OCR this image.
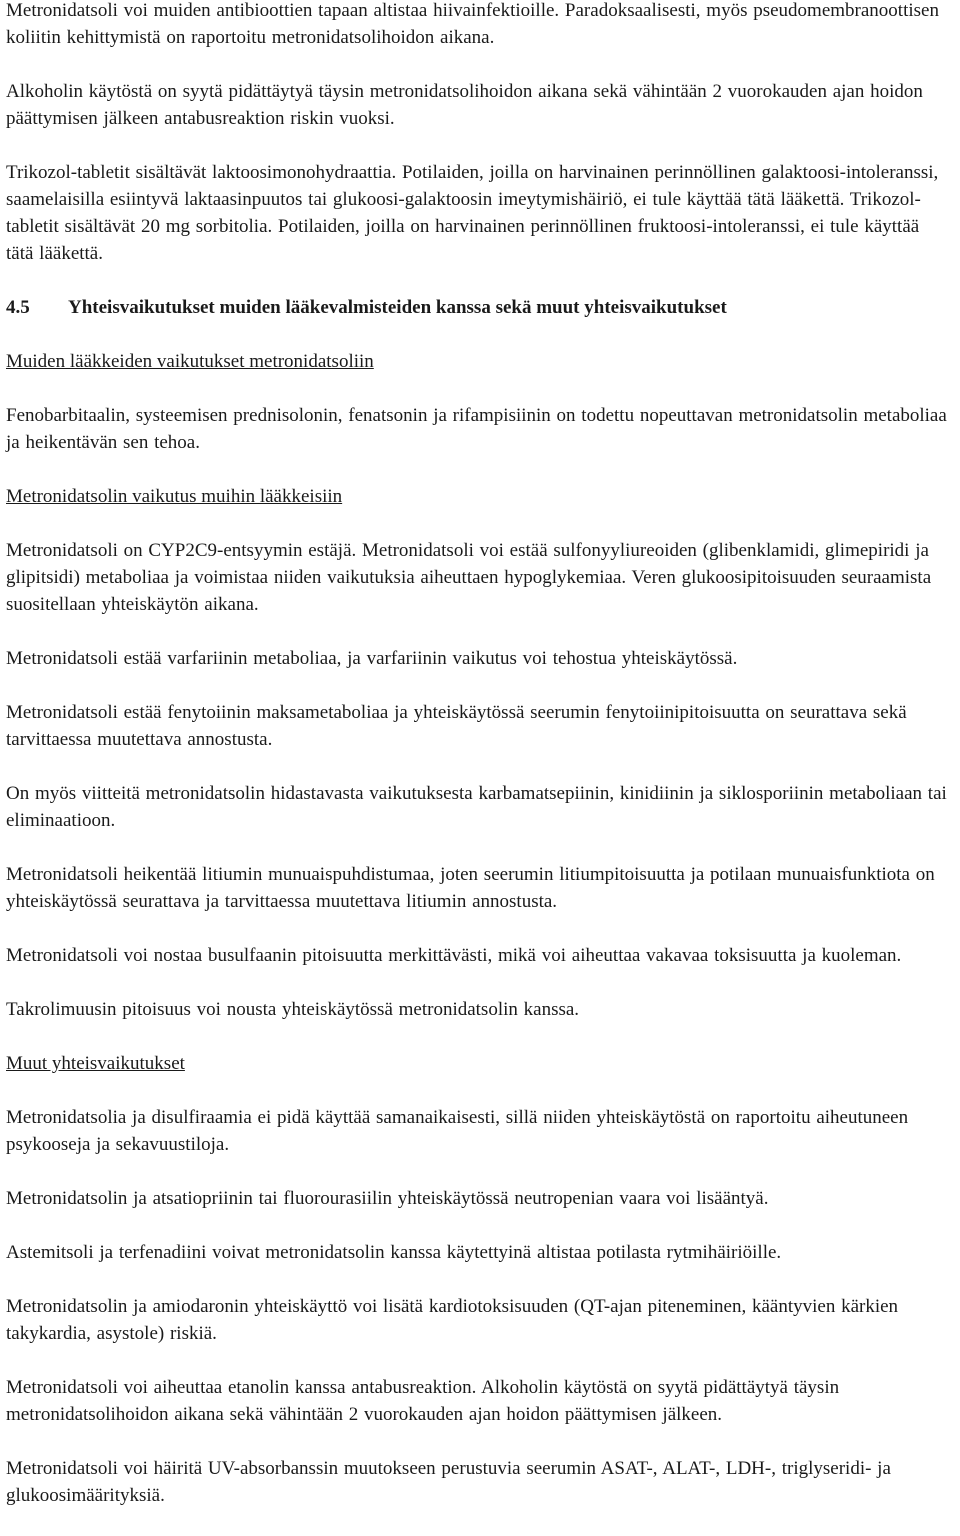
Metronidatsoli voi muiden antibioottien tapaan altistaa hiivainfektioille. Paradoksaalisesti, myös pseudomembranoottisen koliitin kehittymistä on raportoitu metronidatsolihoidon aikana.

Alkoholin käytöstä on syytä pidättäytyä täysin metronidatsolihoidon aikana sekä vähintään 2 vuorokauden ajan hoidon päättymisen jälkeen antabusreaktion riskin vuoksi.

Trikozol-tabletit sisältävät laktoosimonohydraattia. Potilaiden, joilla on harvinainen perinnöllinen galaktoosi-intoleranssi, saamelaisilla esiintyvä laktaasinpuutos tai glukoosi-galaktoosin imeytymishäiriö, ei tule käyttää tätä lääkettä. Trikozol-tabletit sisältävät 20 mg sorbitolia. Potilaiden, joilla on harvinainen perinnöllinen fruktoosi-intoleranssi, ei tule käyttää tätä lääkettä.

4.5 Yhteisvaikutukset muiden lääkevalmisteiden kanssa sekä muut yhteisvaikutukset
Muiden lääkkeiden vaikutukset metronidatsoliin

Fenobarbitaalin, systeemisen prednisolonin, fenatsonin ja rifampisiinin on todettu nopeuttavan metronidatsolin metaboliaa ja heikentävän sen tehoa.

Metronidatsolin vaikutus muihin lääkkeisiin

Metronidatsoli on CYP2C9-entsyymin estäjä. Metronidatsoli voi estää sulfonyyliureoiden (glibenklamidi, glimepiridi ja glipitsidi) metaboliaa ja voimistaa niiden vaikutuksia aiheuttaen hypoglykemiaa. Veren glukoosipitoisuuden seuraamista suositellaan yhteiskäytön aikana.

Metronidatsoli estää varfariinin metaboliaa, ja varfariinin vaikutus voi tehostua yhteiskäytössä.

Metronidatsoli estää fenytoiinin maksametaboliaa ja yhteiskäytössä seerumin fenytoiinipitoisuutta on seurattava sekä tarvittaessa muutettava annostusta.

On myös viitteitä metronidatsolin hidastavasta vaikutuksesta karbamatsepiinin, kinidiinin ja siklosporiinin metaboliaan tai eliminaatioon.

Metronidatsoli heikentää litiumin munuaispuhdistumaa, joten seerumin litiumpitoisuutta ja potilaan munuaisfunktiota on yhteiskäytössä seurattava ja tarvittaessa muutettava litiumin annostusta.

Metronidatsoli voi nostaa busulfaanin pitoisuutta merkittävästi, mikä voi aiheuttaa vakavaa toksisuutta ja kuoleman.

Takrolimuusin pitoisuus voi nousta yhteiskäytössä metronidatsolin kanssa.

Muut yhteisvaikutukset

Metronidatsolia ja disulfiraamia ei pidä käyttää samanaikaisesti, sillä niiden yhteiskäytöstä on raportoitu aiheutuneen psykooseja ja sekavuustiloja.

Metronidatsolin ja atsatiopriinin tai fluorourasiilin yhteiskäytössä neutropenian vaara voi lisääntyä.

Astemitsoli ja terfenadiini voivat metronidatsolin kanssa käytettyinä altistaa potilasta rytmihäiriöille.

Metronidatsolin ja amiodaronin yhteiskäyttö voi lisätä kardiotoksisuuden (QT-ajan piteneminen, kääntyvien kärkien takykardia, asystole) riskiä.

Metronidatsoli voi aiheuttaa etanolin kanssa antabusreaktion. Alkoholin käytöstä on syytä pidättäytyä täysin metronidatsolihoidon aikana sekä vähintään 2 vuorokauden ajan hoidon päättymisen jälkeen.

Metronidatsoli voi häiritä UV-absorbanssin muutokseen perustuvia seerumin ASAT-, ALAT-, LDH-, triglyseridi- ja glukoosimäärityksiä.
